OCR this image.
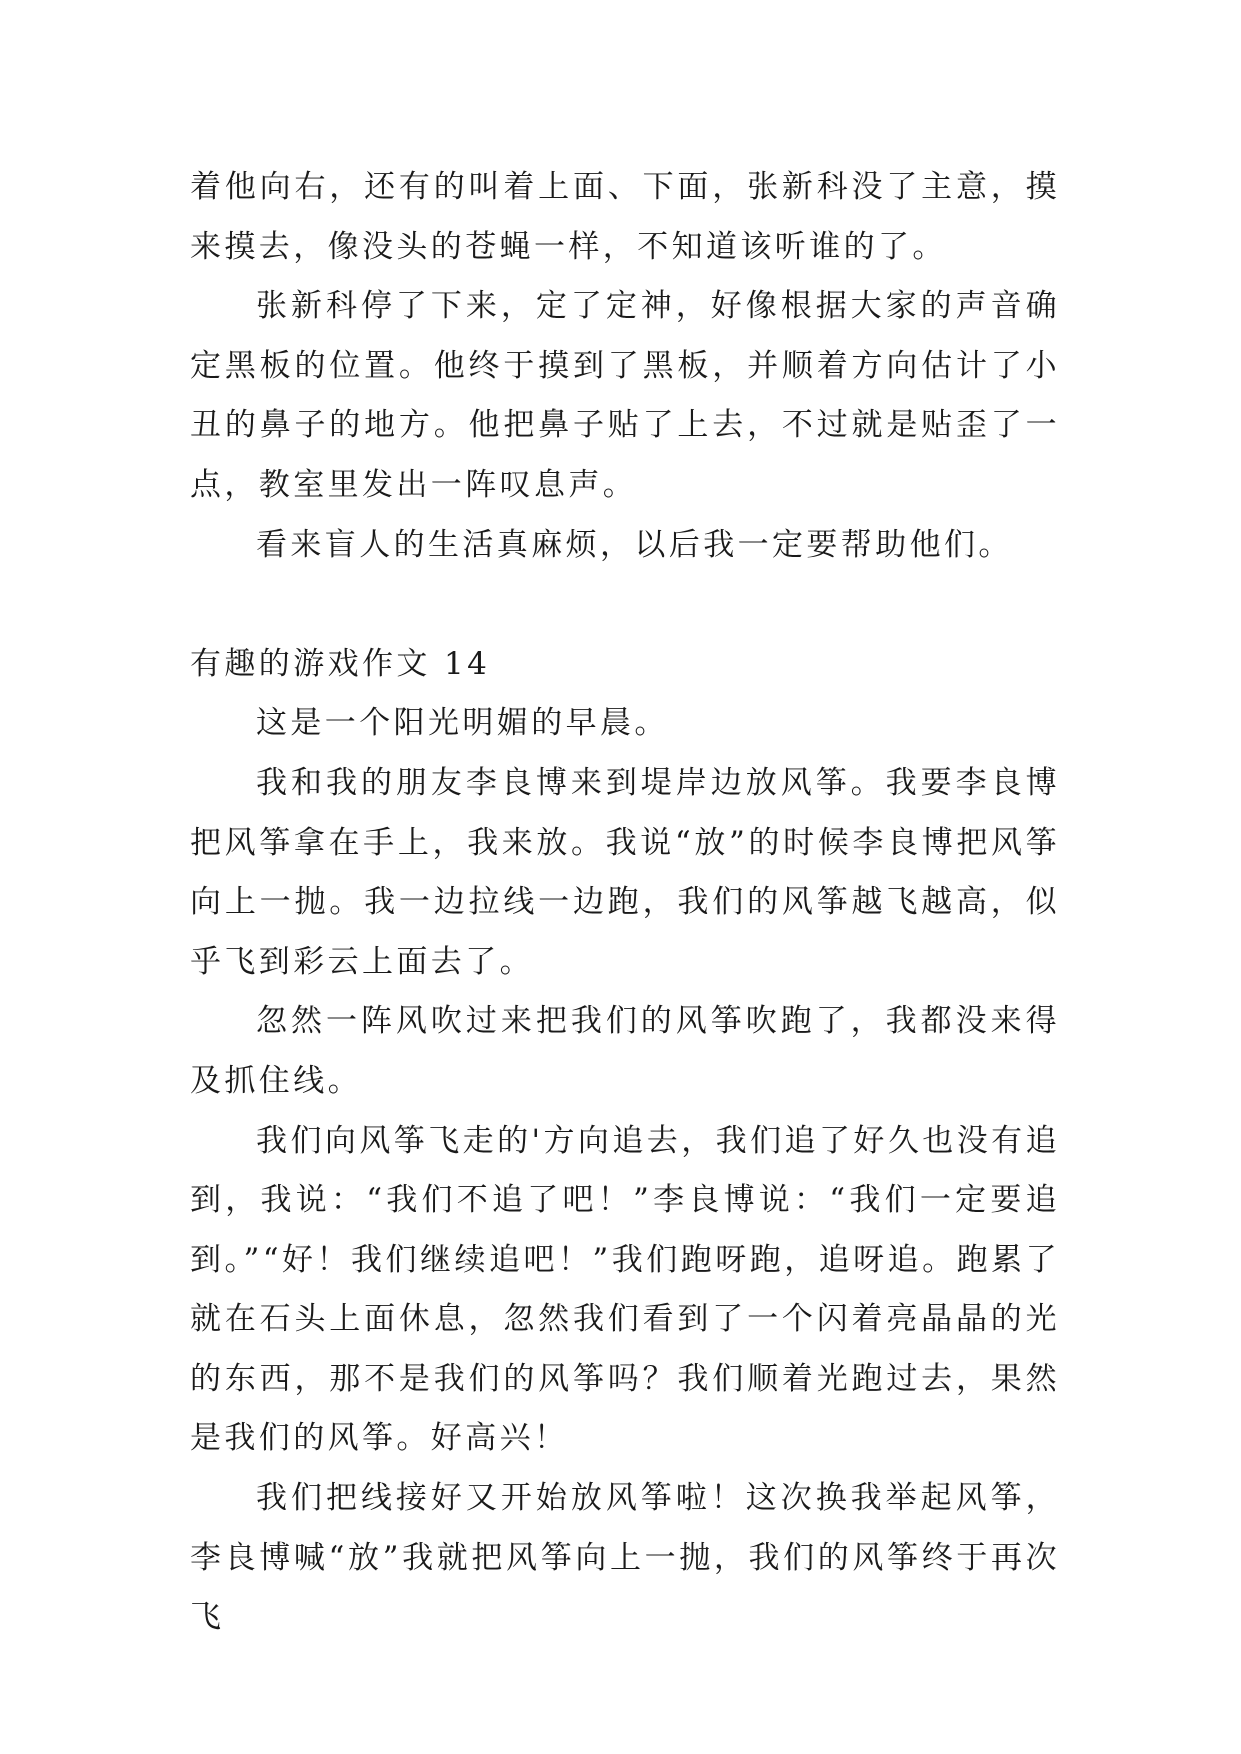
着他向右，还有的叫着上面、下面，张新科没了主意，摸来摸去，像没头的苍蝇一样，不知道该听谁的了。

张新科停了下来，定了定神，好像根据大家的声音确定黑板的位置。他终于摸到了黑板，并顺着方向估计了小丑的鼻子的地方。他把鼻子贴了上去，不过就是贴歪了一点，教室里发出一阵叹息声。

看来盲人的生活真麻烦，以后我一定要帮助他们。

有趣的游戏作文 14

这是一个阳光明媚的早晨。

我和我的朋友李良博来到堤岸边放风筝。我要李良博把风筝拿在手上，我来放。我说“放”的时候李良博把风筝向上一抛。我一边拉线一边跑，我们的风筝越飞越高，似乎飞到彩云上面去了。

忽然一阵风吹过来把我们的风筝吹跑了，我都没来得及抓住线。

我们向风筝飞走的'方向追去，我们追了好久也没有追到，我说：“我们不追了吧！”李良博说：“我们一定要追到。”“好！我们继续追吧！”我们跑呀跑，追呀追。跑累了就在石头上面休息，忽然我们看到了一个闪着亮晶晶的光的东西，那不是我们的风筝吗？我们顺着光跑过去，果然是我们的风筝。好高兴！

我们把线接好又开始放风筝啦！这次换我举起风筝，李良博喊“放”我就把风筝向上一抛，我们的风筝终于再次飞
